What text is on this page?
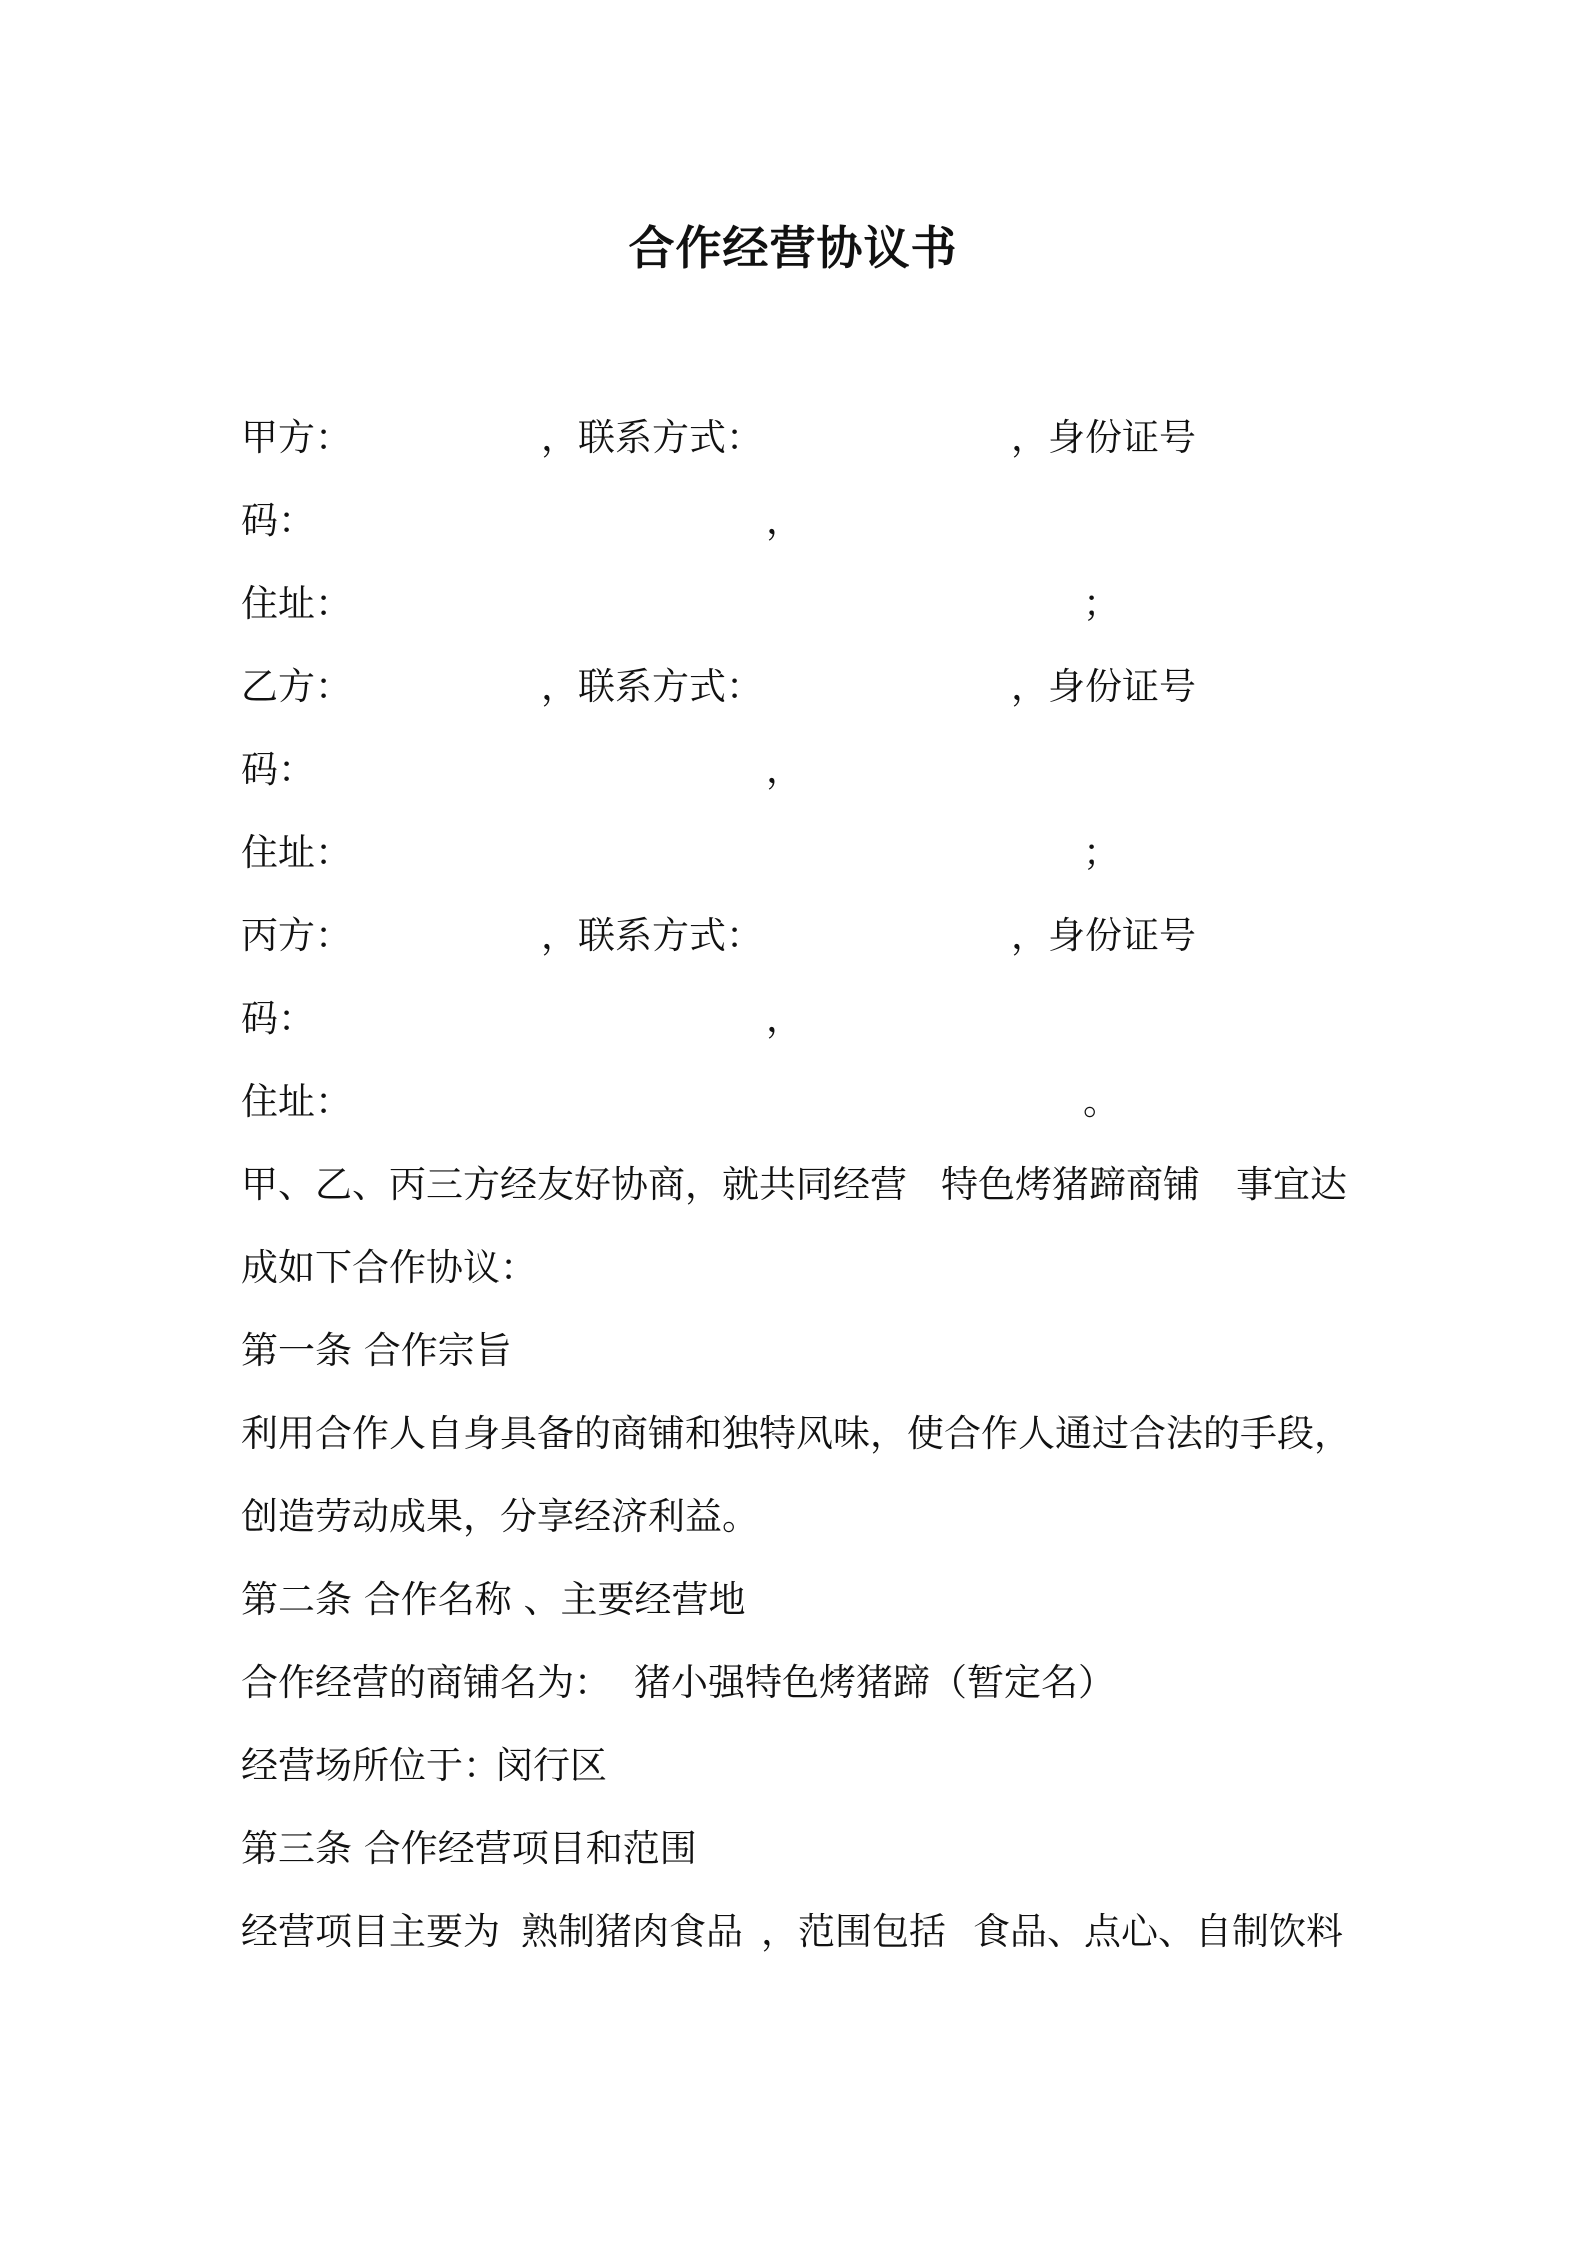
合作经营协议书
甲方：	，联系方式：	，身份证号
码：	，
住址：	；
乙方：	，联系方式：	，身份证号
码：	，
住址：	；
丙方：	，联系方式：	，身份证号
码：	，
住址：	。
甲、乙、丙三方经友好协商，就共同经营 特色烤猪蹄商铺 事宜达
成如下合作协议：
第一条 合作宗旨
利用合作人自身具备的商铺和独特风味，使合作人通过合法的手段，
创造劳动成果，分享经济利益。
第二条 合作名称 、主要经营地
合作经营的商铺名为： 猪小强特色烤猪蹄（暂定名）
经营场所位于：
闵行区
第三条 合作经营项目和范围
经营项目主要为 熟制猪肉食品 ，范围包括 食品、点心、自制饮料
